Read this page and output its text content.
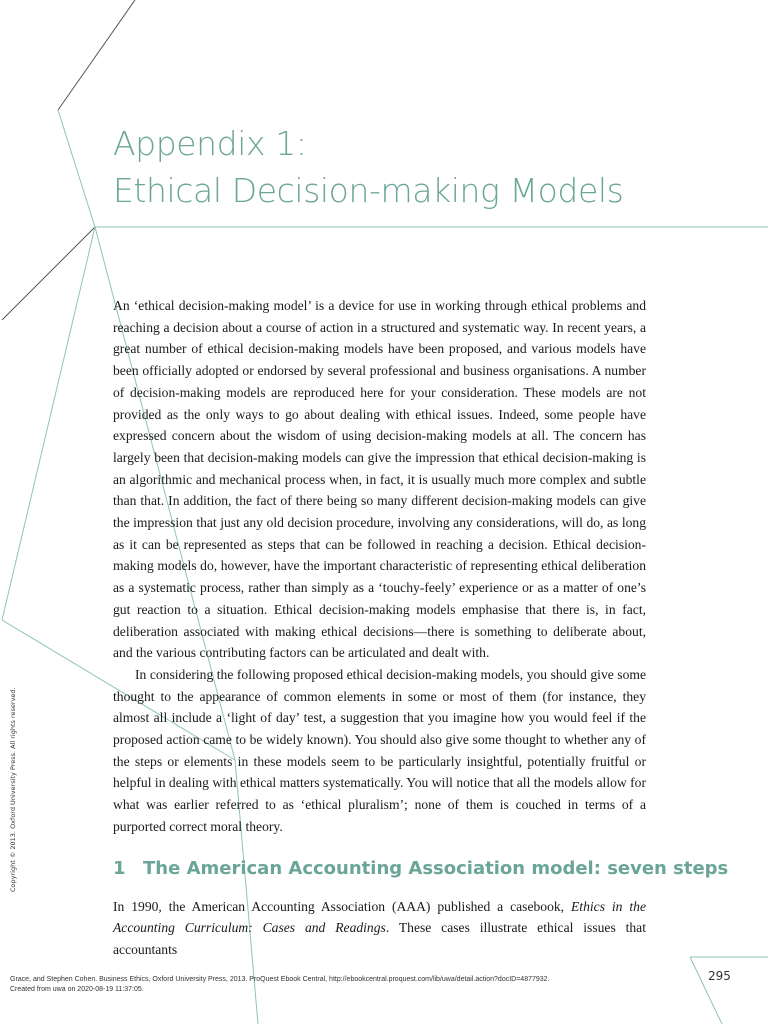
Appendix 1:
Ethical Decision-making Models

An ‘ethical decision-making model’ is a device for use in working through ethical problems and reaching a decision about a course of action in a structured and systematic way. In recent years, a great number of ethical decision-making models have been proposed, and various models have been officially adopted or endorsed by several professional and business organisations. A number of decision-making models are reproduced here for your consideration. These models are not provided as the only ways to go about dealing with ethical issues. Indeed, some people have expressed concern about the wisdom of using decision-making models at all. The concern has largely been that decision-making models can give the impression that ethical decision-making is an algorithmic and mechanical process when, in fact, it is usually much more complex and subtle than that. In addition, the fact of there being so many different decision-making models can give the impression that just any old decision procedure, involving any considerations, will do, as long as it can be represented as steps that can be followed in reaching a decision. Ethical decision-making models do, however, have the important characteristic of representing ethical deliberation as a systematic process, rather than simply as a ‘touchy-feely’ experience or as a matter of one’s gut reaction to a situation. Ethical decision-making models emphasise that there is, in fact, deliberation associated with making ethical decisions—there is something to deliberate about, and the various contributing factors can be articulated and dealt with.

In considering the following proposed ethical decision-making models, you should give some thought to the appearance of common elements in some or most of them (for instance, they almost all include a ‘light of day’ test, a suggestion that you imagine how you would feel if the proposed action came to be widely known). You should also give some thought to whether any of the steps or elements in these models seem to be particularly insightful, potentially fruitful or helpful in dealing with ethical matters systematically. You will notice that all the models allow for what was earlier referred to as ‘ethical pluralism’; none of them is couched in terms of a purported correct moral theory.

1 The American Accounting Association model: seven steps

In 1990, the American Accounting Association (AAA) published a casebook, Ethics in the Accounting Curriculum: Cases and Readings. These cases illustrate ethical issues that accountants

Copyright © 2013. Oxford University Press. All rights reserved.
Grace, and Stephen Cohen. Business Ethics, Oxford University Press, 2013. ProQuest Ebook Central, http://ebookcentral.proquest.com/lib/uwa/detail.action?docID=4877932.
Created from uwa on 2020-08-19 11:37:05.
295
